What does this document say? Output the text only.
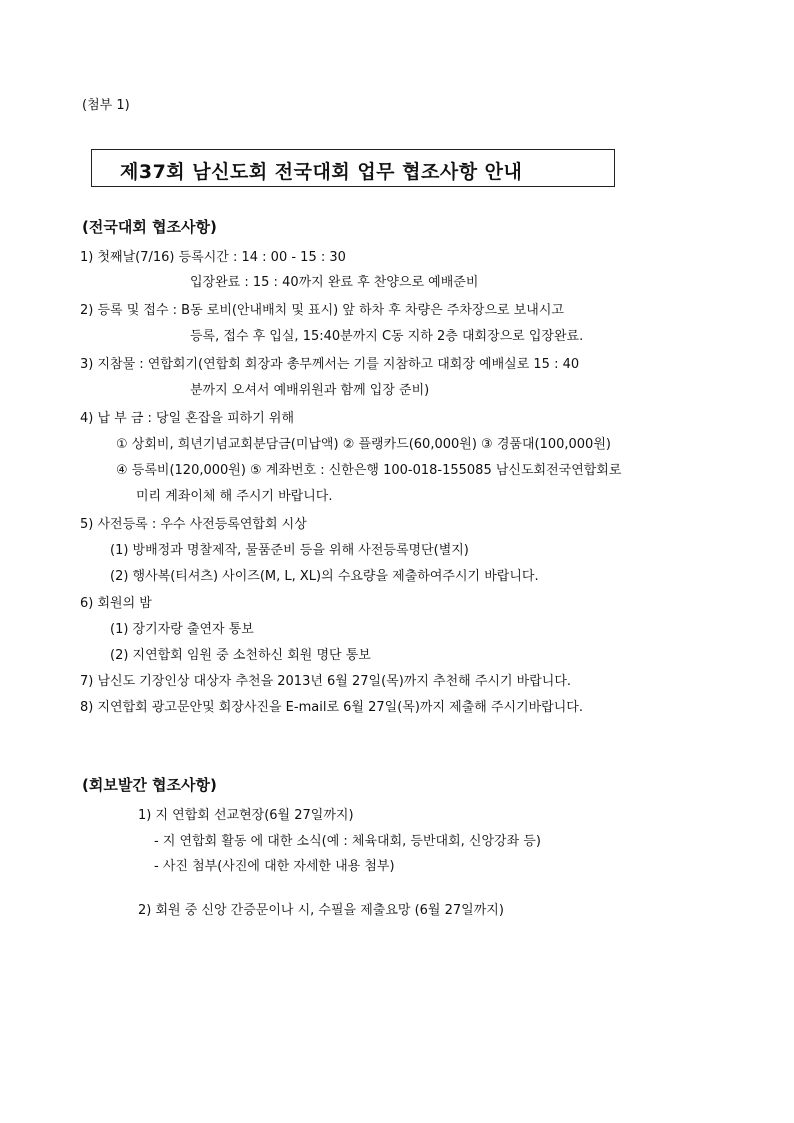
(첨부 1)
제37회 남신도회 전국대회 업무 협조사항 안내
(전국대회 협조사항)
1) 첫째날(7/16) 등록시간 : 14 : 00 - 15 : 30
입장완료 : 15 : 40까지 완료 후 찬양으로 예배준비
2) 등록 및 접수 : B동 로비(안내배치 및 표시) 앞 하차 후 차량은 주차장으로 보내시고
등록, 접수 후 입실, 15:40분까지 C동 지하 2층 대회장으로 입장완료.
3) 지참물 : 연합회기(연합회 회장과 총무께서는 기를 지참하고 대회장 예배실로 15 : 40
분까지 오셔서 예배위원과 함께 입장 준비)
4) 납 부 금 : 당일 혼잡을 피하기 위해
① 상회비, 희년기념교회분담금(미납액) ② 플랭카드(60,000원) ③ 경품대(100,000원)
④ 등록비(120,000원) ⑤ 계좌번호 : 신한은행 100-018-155085 남신도회전국연합회로
미리 계좌이체 해 주시기 바랍니다.
5) 사전등록 : 우수 사전등록연합회 시상
(1) 방배정과 명찰제작, 물품준비 등을 위해 사전등록명단(별지)
(2) 행사복(티셔츠) 사이즈(M, L, XL)의 수요량을 제출하여주시기 바랍니다.
6) 회원의 밤
(1) 장기자랑 출연자 통보
(2) 지연합회 임원 중 소천하신 회원 명단 통보
7) 남신도 기장인상 대상자 추천을 2013년 6월 27일(목)까지 추천해 주시기 바랍니다.
8) 지연합회 광고문안및 회장사진을 E-mail로 6월 27일(목)까지 제출해 주시기바랍니다.
(회보발간 협조사항)
1) 지 연합회 선교현장(6월 27일까지)
- 지 연합회 활동 에 대한 소식(예 : 체육대회, 등반대회, 신앙강좌 등)
- 사진 첨부(사진에 대한 자세한 내용 첨부)
2) 회원 중 신앙 간증문이나 시, 수필을 제출요망 (6월 27일까지)
